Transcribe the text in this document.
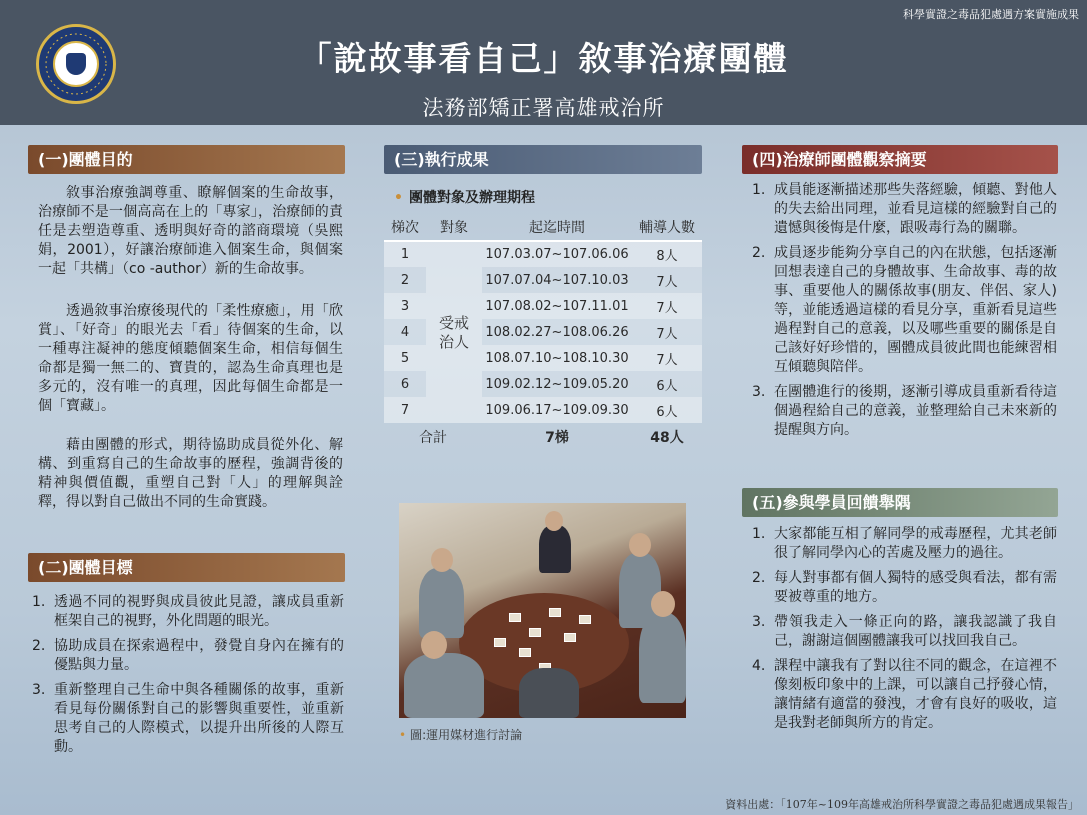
科學實證之毒品犯處遇方案實施成果
「說故事看自己」敘事治療團體
法務部矯正署高雄戒治所
(一)團體目的
敘事治療強調尊重、瞭解個案的生命故事，治療師不是一個高高在上的「專家」，治療師的責任是去塑造尊重、透明與好奇的諮商環境（吳熙娟，2001），好讓治療師進入個案生命，與個案一起「共構」（co -author）新的生命故事。
透過敘事治療後現代的「柔性療癒」，用「欣賞」、「好奇」的眼光去「看」待個案的生命，以一種專注凝神的態度傾聽個案生命，相信每個生命都是獨一無二的、寶貴的，認為生命真理也是多元的，沒有唯一的真理，因此每個生命都是一個「寶藏」。
藉由團體的形式，期待協助成員從外化、解構、到重寫自己的生命故事的歷程，強調背後的精神與價值觀，重塑自己對「人」的理解與詮釋，得以對自己做出不同的生命實踐。
(二)團體目標
1. 透過不同的視野與成員彼此見證，讓成員重新框架自己的視野，外化問題的眼光。
2. 協助成員在探索過程中，發覺自身內在擁有的優點與力量。
3. 重新整理自己生命中與各種關係的故事，重新看見每份關係對自己的影響與重要性，並重新思考自己的人際模式，以提升出所後的人際互動。
(三)執行成果
• 團體對象及辦理期程
梯次	對象	起迄時間	輔導人數
1	受戒治人	107.03.07~107.06.06	8人
2		107.07.04~107.10.03	7人
3		107.08.02~107.11.01	7人
4		108.02.27~108.06.26	7人
5		108.07.10~108.10.30	7人
6		109.02.12~109.05.20	6人
7		109.06.17~109.09.30	6人
合計		7梯	48人
• 圖:運用媒材進行討論
(四)治療師團體觀察摘要
1. 成員能逐漸描述那些失落經驗，傾聽、對他人的失去給出同理，並看見這樣的經驗對自己的遺憾與後悔是什麼，跟吸毒行為的關聯。
2. 成員逐步能夠分享自己的內在狀態，包括逐漸回想表達自己的身體故事、生命故事、毒的故事、重要他人的關係故事(朋友、伴侶、家人)等，並能透過這樣的看見分享，重新看見這些過程對自己的意義，以及哪些重要的關係是自己該好好珍惜的，團體成員彼此間也能練習相互傾聽與陪伴。
3. 在團體進行的後期，逐漸引導成員重新看待這個過程給自己的意義，並整理給自己未來新的提醒與方向。
(五)參與學員回饋舉隅
1. 大家都能互相了解同學的戒毒歷程，尤其老師很了解同學內心的苦處及壓力的過往。
2. 每人對事都有個人獨特的感受與看法，都有需要被尊重的地方。
3. 帶領我走入一條正向的路，讓我認識了我自己，謝謝這個團體讓我可以找回我自己。
4. 課程中讓我有了對以往不同的觀念，在這裡不像刻板印象中的上課，可以讓自己抒發心情，讓情緒有適當的發洩，才會有良好的吸收，這是我對老師與所方的肯定。
資料出處：「107年~109年高雄戒治所科學實證之毒品犯處遇成果報告」
